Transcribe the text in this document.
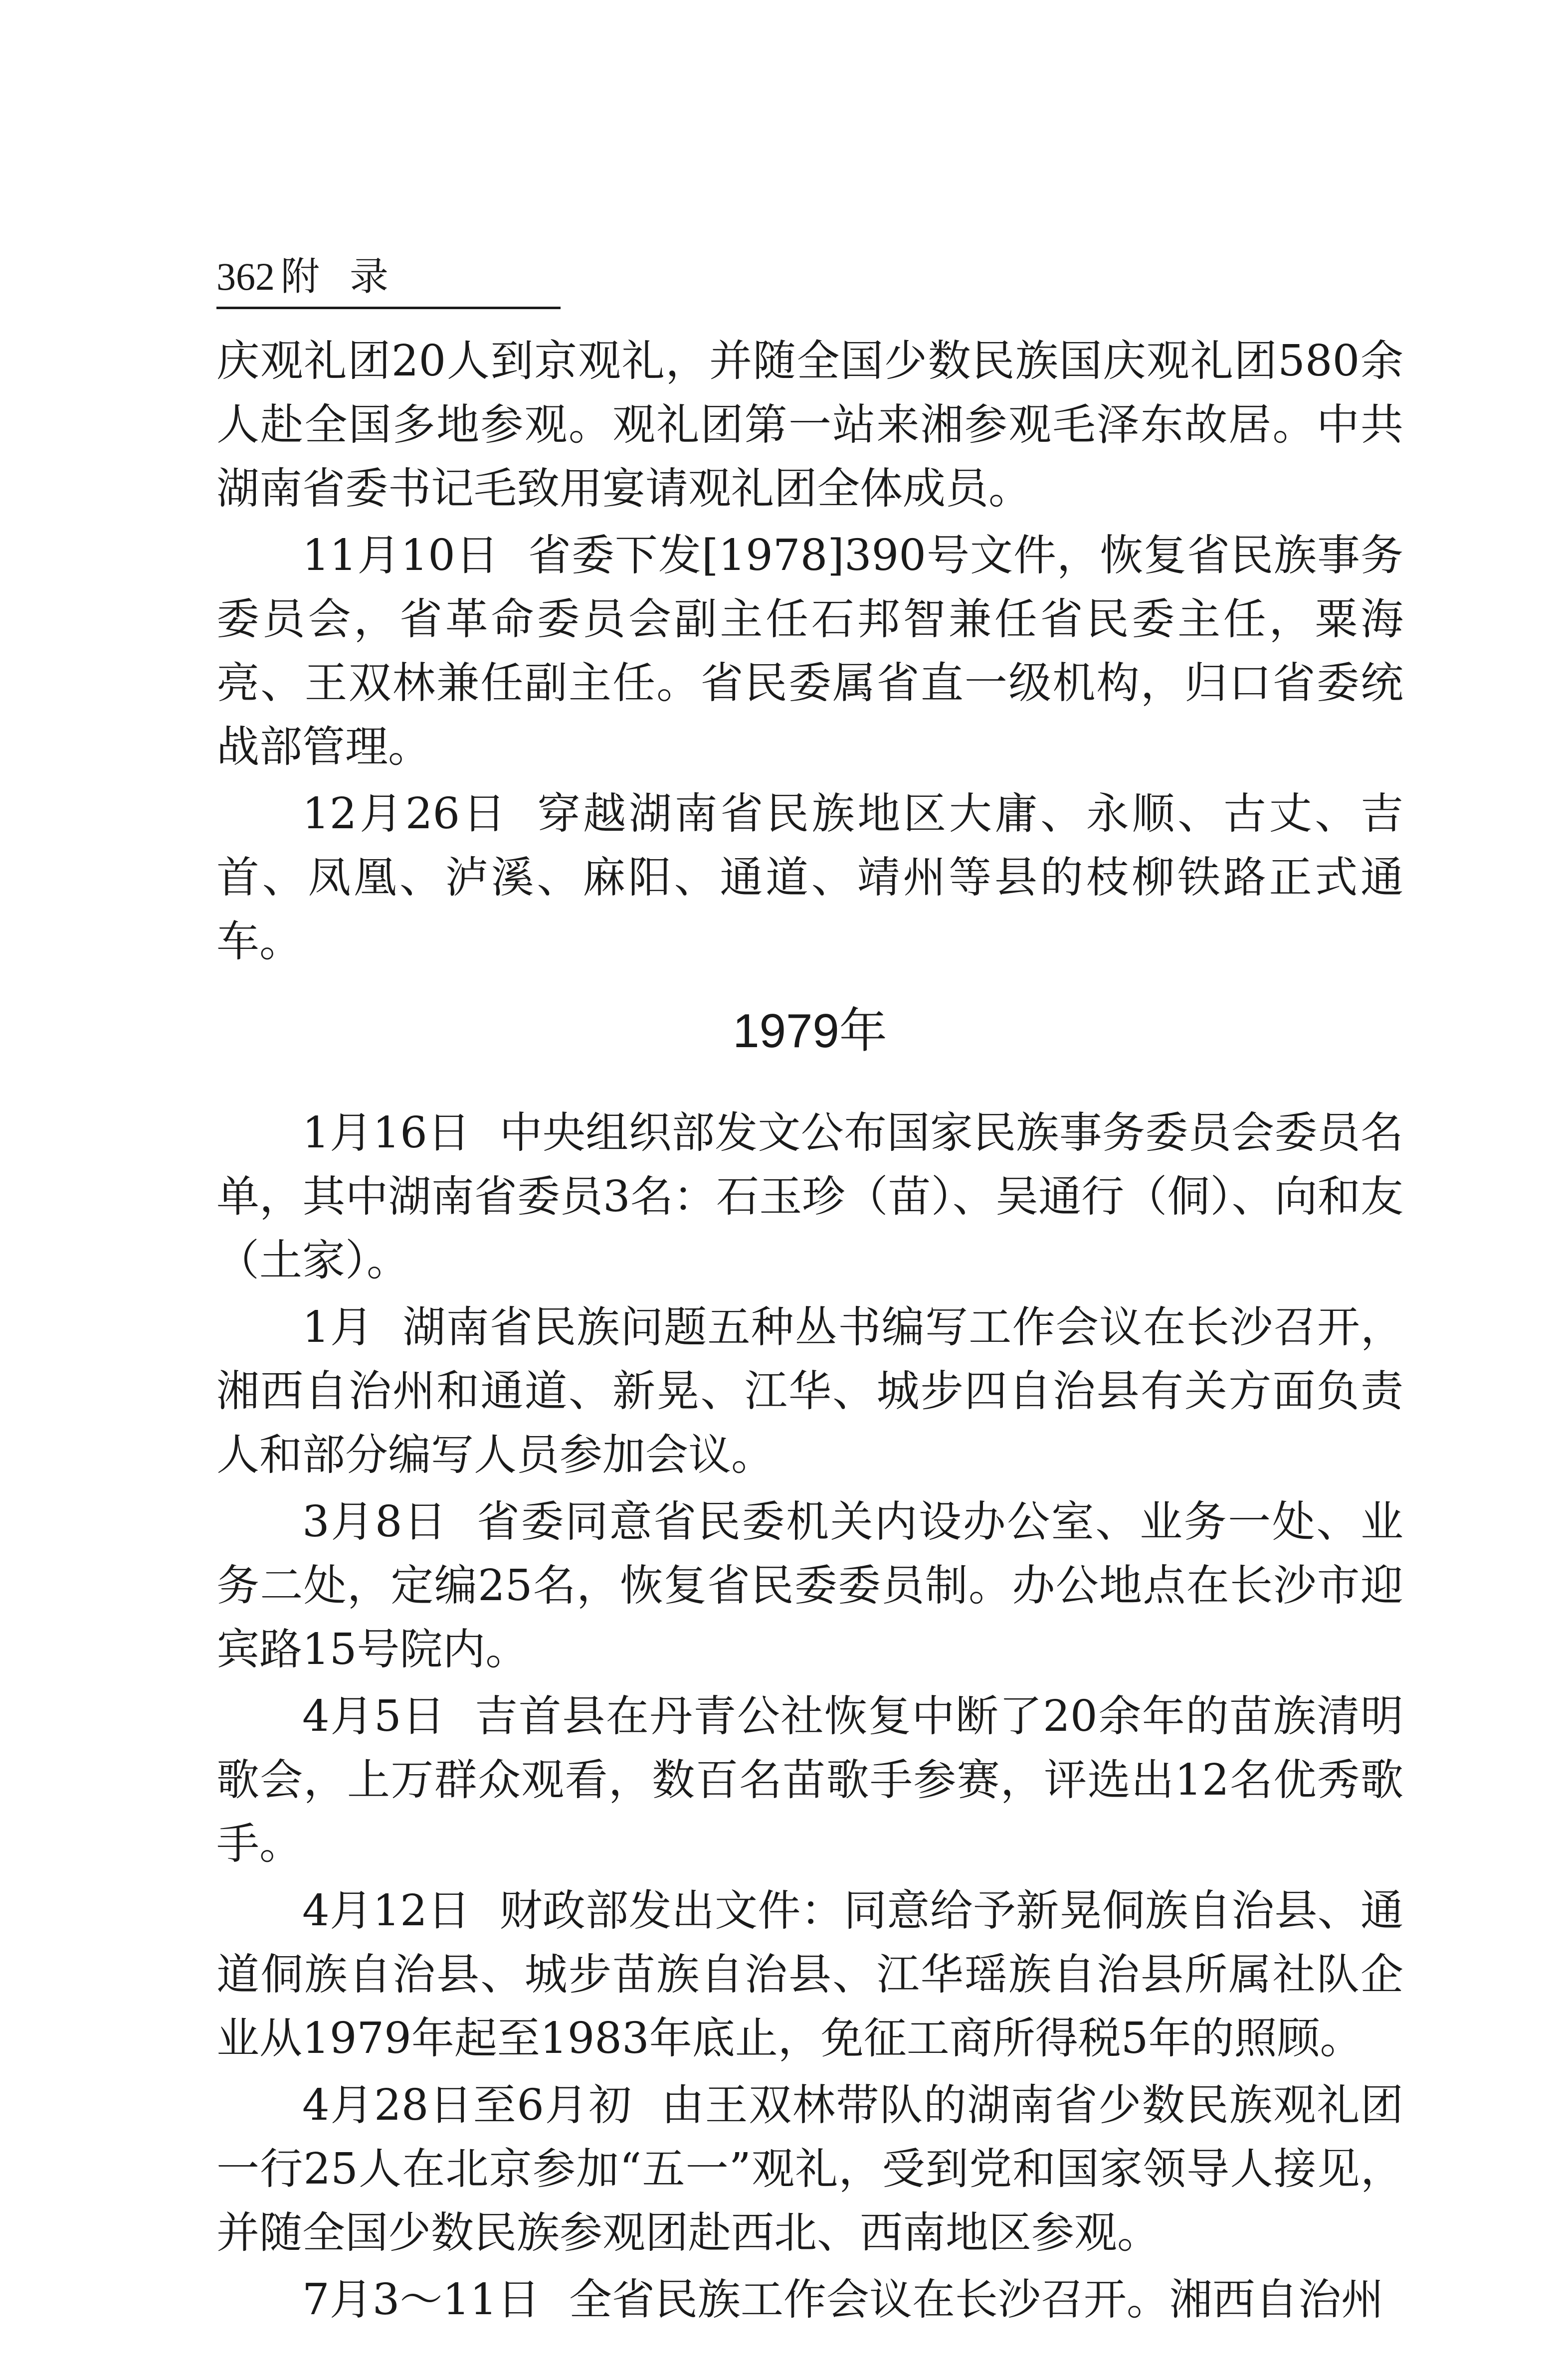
362 附录

庆观礼团20人到京观礼，并随全国少数民族国庆观礼团580余人赴全国多地参观。观礼团第一站来湘参观毛泽东故居。中共湖南省委书记毛致用宴请观礼团全体成员。

11月10日 省委下发[1978]390号文件，恢复省民族事务委员会，省革命委员会副主任石邦智兼任省民委主任，粟海亮、王双林兼任副主任。省民委属省直一级机构，归口省委统战部管理。

12月26日 穿越湖南省民族地区大庸、永顺、古丈、吉首、凤凰、泸溪、麻阳、通道、靖州等县的枝柳铁路正式通车。

1979年

1月16日 中央组织部发文公布国家民族事务委员会委员名单，其中湖南省委员3名：石玉珍（苗）、吴通行（侗）、向和友（土家）。

1月 湖南省民族问题五种丛书编写工作会议在长沙召开，湘西自治州和通道、新晃、江华、城步四自治县有关方面负责人和部分编写人员参加会议。

3月8日 省委同意省民委机关内设办公室、业务一处、业务二处，定编25名，恢复省民委委员制。办公地点在长沙市迎宾路15号院内。

4月5日 吉首县在丹青公社恢复中断了20余年的苗族清明歌会，上万群众观看，数百名苗歌手参赛，评选出12名优秀歌手。

4月12日 财政部发出文件：同意给予新晃侗族自治县、通道侗族自治县、城步苗族自治县、江华瑶族自治县所属社队企业从1979年起至1983年底止，免征工商所得税5年的照顾。

4月28日至6月初 由王双林带队的湖南省少数民族观礼团一行25人在北京参加“五一”观礼，受到党和国家领导人接见，并随全国少数民族参观团赴西北、西南地区参观。

7月3～11日 全省民族工作会议在长沙召开。湘西自治州
